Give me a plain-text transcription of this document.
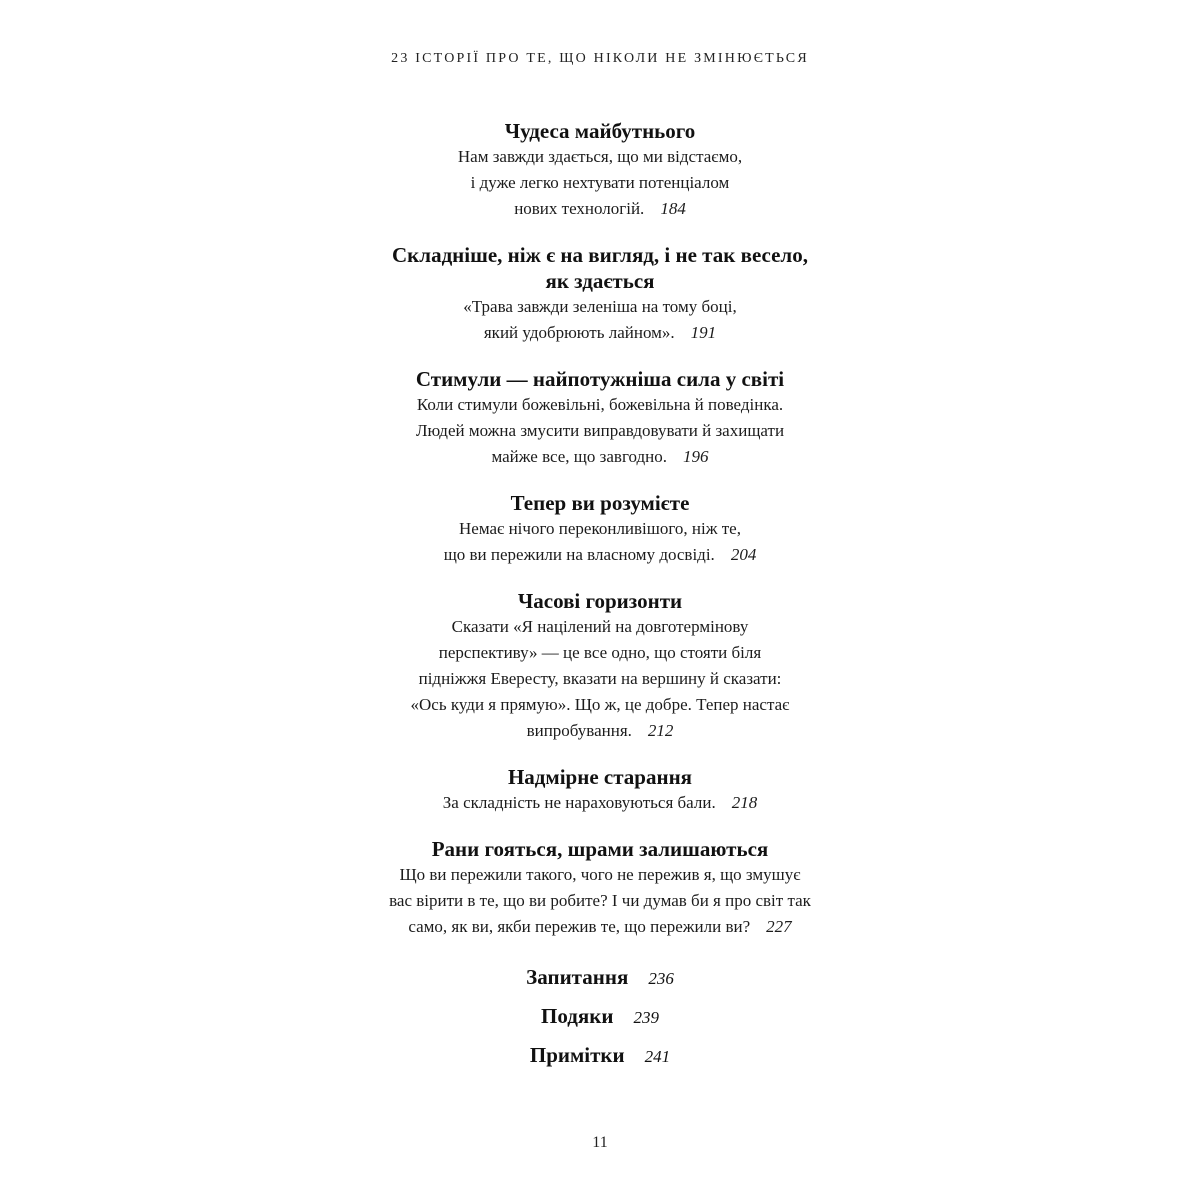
23 ІСТОРІЇ ПРО ТЕ, ЩО НІКОЛИ НЕ ЗМІНЮЄТЬСЯ
Чудеса майбутнього
Нам завжди здається, що ми відстаємо,
і дуже легко нехтувати потенціалом
нових технологій. 184
Складніше, ніж є на вигляд, і не так весело,
як здається
«Трава завжди зеленіша на тому боці,
який удобрюють лайном». 191
Стимули — найпотужніша сила у світі
Коли стимули божевільні, божевільна й поведінка.
Людей можна змусити виправдовувати й захищати
майже все, що завгодно. 196
Тепер ви розумієте
Немає нічого переконливішого, ніж те,
що ви пережили на власному досвіді. 204
Часові горизонти
Сказати «Я націлений на довготермінову
перспективу» — це все одно, що стояти біля
підніжжя Евересту, вказати на вершину й сказати:
«Ось куди я прямую». Що ж, це добре. Тепер настає
випробування. 212
Надмірне старання
За складність не нараховуються бали. 218
Рани гояться, шрами залишаються
Що ви пережили такого, чого не пережив я, що змушує
вас вірити в те, що ви робите? І чи думав би я про світ так
само, як ви, якби пережив те, що пережили ви? 227
Запитання 236
Подяки 239
Примітки 241
11
